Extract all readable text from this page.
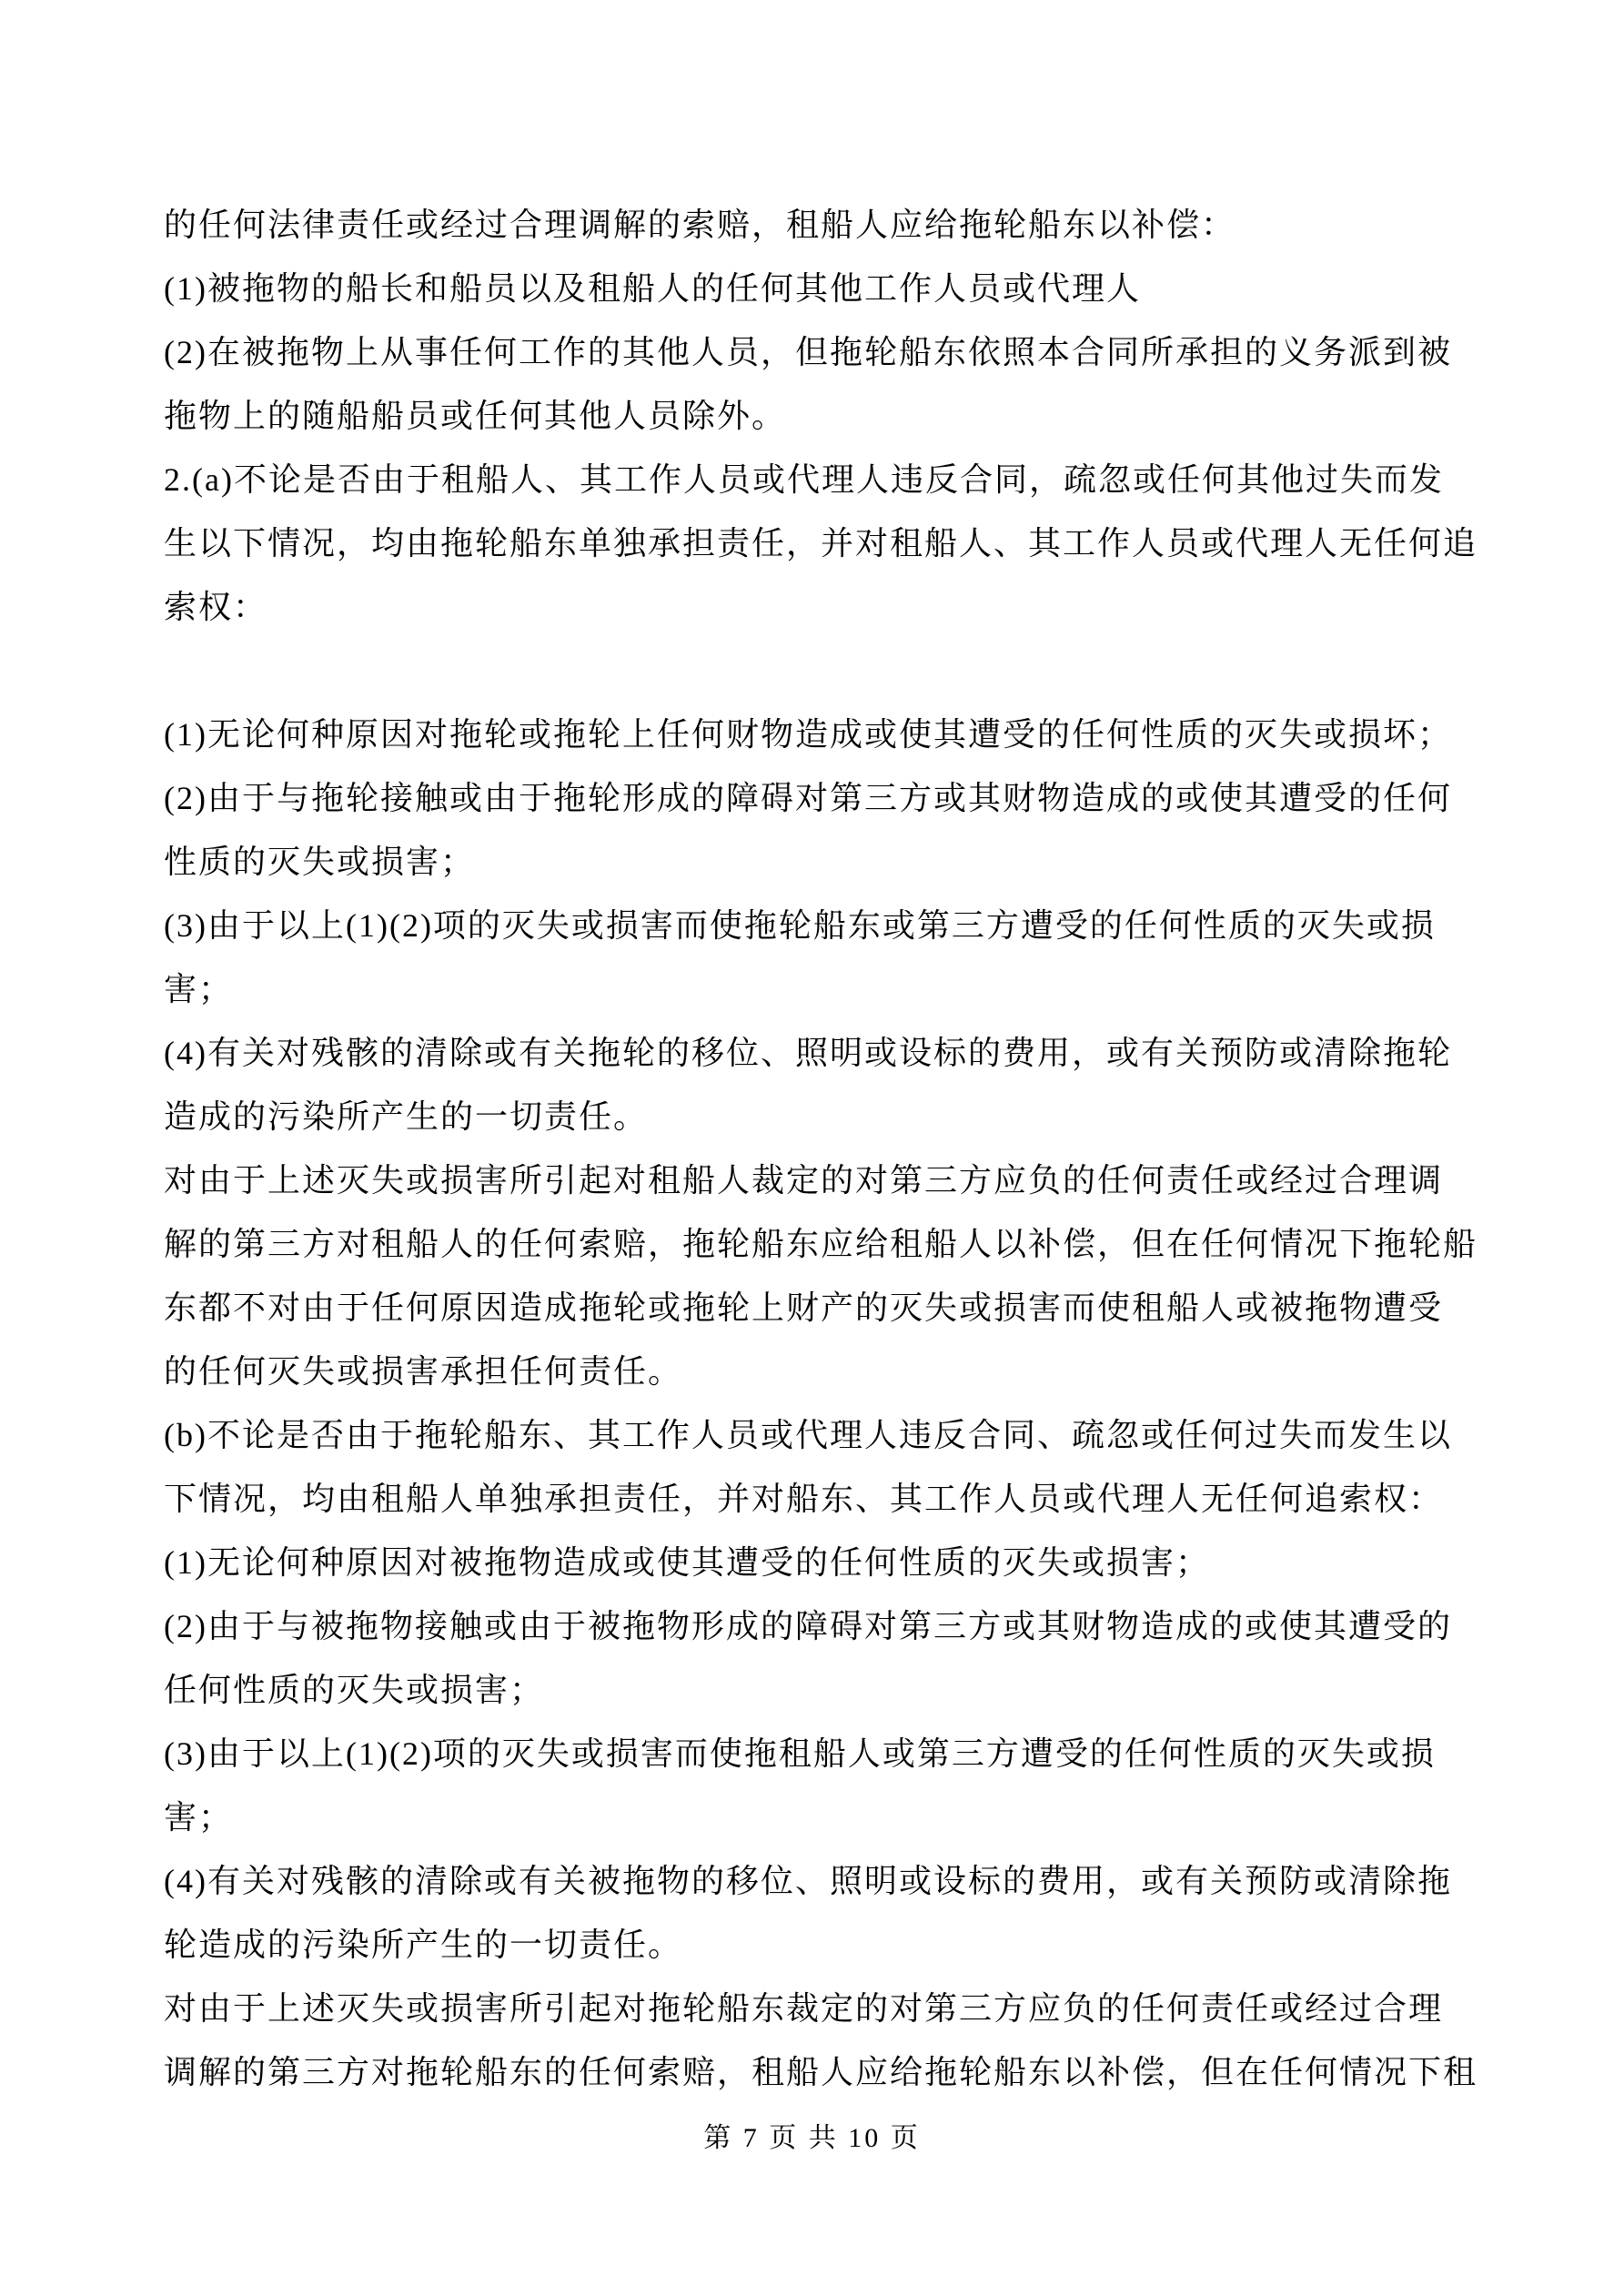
的任何法律责任或经过合理调解的索赔，租船人应给拖轮船东以补偿：
(1)被拖物的船长和船员以及租船人的任何其他工作人员或代理人
(2)在被拖物上从事任何工作的其他人员，但拖轮船东依照本合同所承担的义务派到被
拖物上的随船船员或任何其他人员除外。
2.(a)不论是否由于租船人、其工作人员或代理人违反合同，疏忽或任何其他过失而发
生以下情况，均由拖轮船东单独承担责任，并对租船人、其工作人员或代理人无任何追
索权：
(1)无论何种原因对拖轮或拖轮上任何财物造成或使其遭受的任何性质的灭失或损坏；
(2)由于与拖轮接触或由于拖轮形成的障碍对第三方或其财物造成的或使其遭受的任何
性质的灭失或损害；
(3)由于以上(1)(2)项的灭失或损害而使拖轮船东或第三方遭受的任何性质的灭失或损
害；
(4)有关对残骸的清除或有关拖轮的移位、照明或设标的费用，或有关预防或清除拖轮
造成的污染所产生的一切责任。
对由于上述灭失或损害所引起对租船人裁定的对第三方应负的任何责任或经过合理调
解的第三方对租船人的任何索赔，拖轮船东应给租船人以补偿，但在任何情况下拖轮船
东都不对由于任何原因造成拖轮或拖轮上财产的灭失或损害而使租船人或被拖物遭受
的任何灭失或损害承担任何责任。
(b)不论是否由于拖轮船东、其工作人员或代理人违反合同、疏忽或任何过失而发生以
下情况，均由租船人单独承担责任，并对船东、其工作人员或代理人无任何追索权：
(1)无论何种原因对被拖物造成或使其遭受的任何性质的灭失或损害；
(2)由于与被拖物接触或由于被拖物形成的障碍对第三方或其财物造成的或使其遭受的
任何性质的灭失或损害；
(3)由于以上(1)(2)项的灭失或损害而使拖租船人或第三方遭受的任何性质的灭失或损
害；
(4)有关对残骸的清除或有关被拖物的移位、照明或设标的费用，或有关预防或清除拖
轮造成的污染所产生的一切责任。
对由于上述灭失或损害所引起对拖轮船东裁定的对第三方应负的任何责任或经过合理
调解的第三方对拖轮船东的任何索赔，租船人应给拖轮船东以补偿，但在任何情况下租
第 7 页 共 10 页
